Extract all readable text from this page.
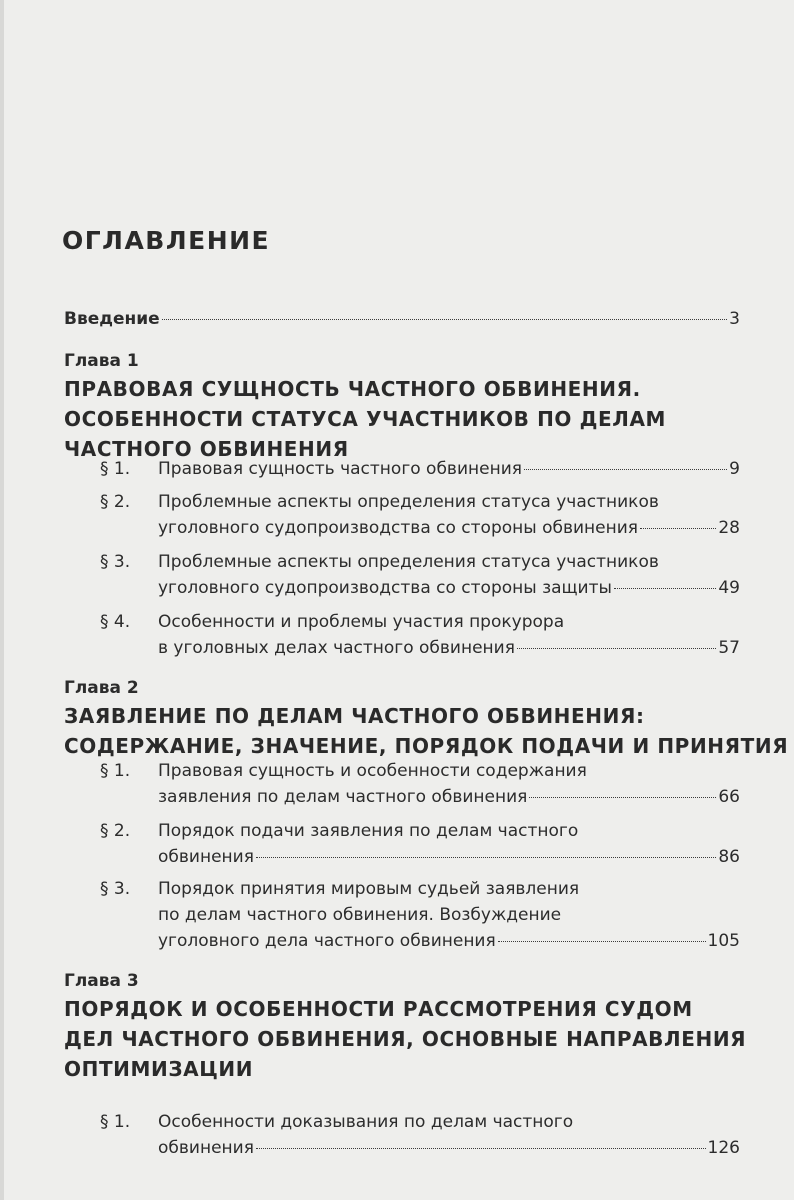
ОГЛАВЛЕНИЕ
Введение	3
Глава 1
ПРАВОВАЯ СУЩНОСТЬ ЧАСТНОГО ОБВИНЕНИЯ.
ОСОБЕННОСТИ СТАТУСА УЧАСТНИКОВ ПО ДЕЛАМ
ЧАСТНОГО ОБВИНЕНИЯ
§ 1.	Правовая сущность частного обвинения	9
§ 2.	Проблемные аспекты определения статуса участников
уголовного судопроизводства со стороны обвинения	28
§ 3.	Проблемные аспекты определения статуса участников
уголовного судопроизводства со стороны защиты	49
§ 4.	Особенности и проблемы участия прокурора
в уголовных делах частного обвинения	57
Глава 2
ЗАЯВЛЕНИЕ ПО ДЕЛАМ ЧАСТНОГО ОБВИНЕНИЯ:
СОДЕРЖАНИЕ, ЗНАЧЕНИЕ, ПОРЯДОК ПОДАЧИ И ПРИНЯТИЯ
§ 1.	Правовая сущность и особенности содержания
заявления по делам частного обвинения	66
§ 2.	Порядок подачи заявления по делам частного
обвинения	86
§ 3.	Порядок принятия мировым судьей заявления
по делам частного обвинения. Возбуждение
уголовного дела частного обвинения	105
Глава 3
ПОРЯДОК И ОСОБЕННОСТИ РАССМОТРЕНИЯ СУДОМ
ДЕЛ ЧАСТНОГО ОБВИНЕНИЯ, ОСНОВНЫЕ НАПРАВЛЕНИЯ
ОПТИМИЗАЦИИ
§ 1.	Особенности доказывания по делам частного
обвинения	126
